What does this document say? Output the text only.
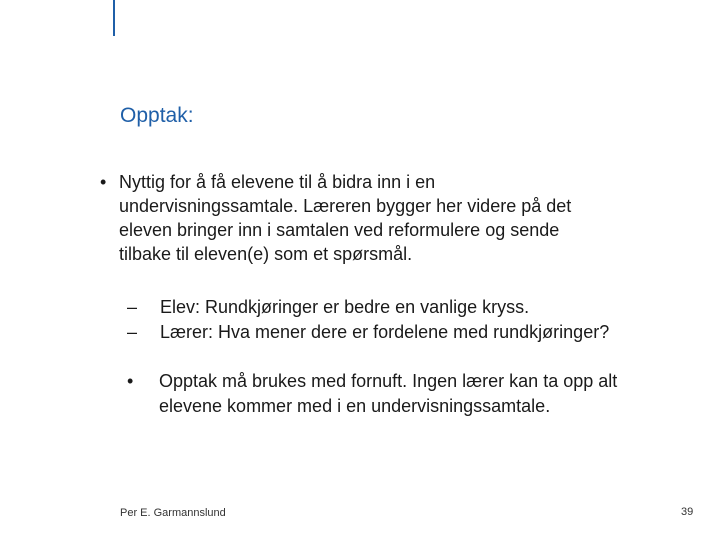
Opptak:
• Nyttig for å få elevene til å bidra inn i en
undervisningssamtale. Læreren bygger her videre på det
eleven bringer inn i samtalen ved reformulere og sende
tilbake til eleven(e) som et spørsmål.
–	Elev: Rundkjøringer er bedre en vanlige kryss.
–	Lærer: Hva mener dere er fordelene med rundkjøringer?
•	Opptak må brukes med fornuft. Ingen lærer kan ta opp alt
elevene kommer med i en undervisningssamtale.
Per E. Garmannslund	39
